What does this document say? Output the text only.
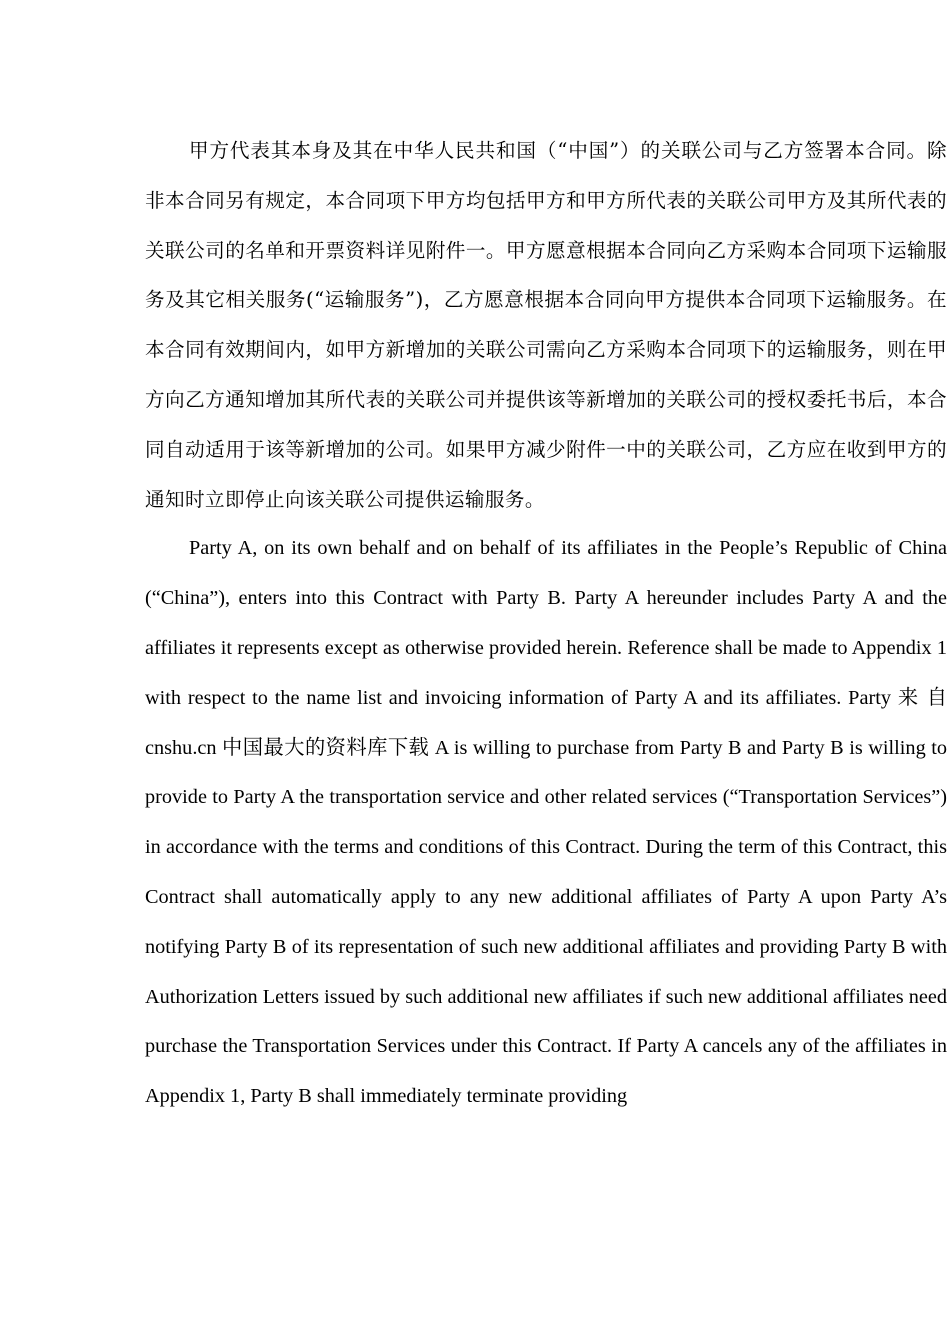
甲方代表其本身及其在中华人民共和国（“中国”）的关联公司与乙方签署本合同。除非本合同另有规定，本合同项下甲方均包括甲方和甲方所代表的关联公司甲方及其所代表的关联公司的名单和开票资料详见附件一。甲方愿意根据本合同向乙方采购本合同项下运输服务及其它相关服务(“运输服务”)，乙方愿意根据本合同向甲方提供本合同项下运输服务。在本合同有效期间内，如甲方新增加的关联公司需向乙方采购本合同项下的运输服务，则在甲方向乙方通知增加其所代表的关联公司并提供该等新增加的关联公司的授权委托书后，本合同自动适用于该等新增加的公司。如果甲方减少附件一中的关联公司，乙方应在收到甲方的通知时立即停止向该关联公司提供运输服务。

Party A, on its own behalf and on behalf of its affiliates in the People’s Republic of China (“China”), enters into this Contract with Party B. Party A hereunder includes Party A and the affiliates it represents except as otherwise provided herein. Reference shall be made to Appendix 1 with respect to the name list and invoicing information of Party A and its affiliates. Party 来 自 cnshu.cn 中国最大的资料库下载 A is willing to purchase from Party B and Party B is willing to provide to Party A the transportation service and other related services (“Transportation Services”) in accordance with the terms and conditions of this Contract. During the term of this Contract, this Contract shall automatically apply to any new additional affiliates of Party A upon Party A’s notifying Party B of its representation of such new additional affiliates and providing Party B with Authorization Letters issued by such additional new affiliates if such new additional affiliates need purchase the Transportation Services under this Contract. If Party A cancels any of the affiliates in Appendix 1, Party B shall immediately terminate providing
